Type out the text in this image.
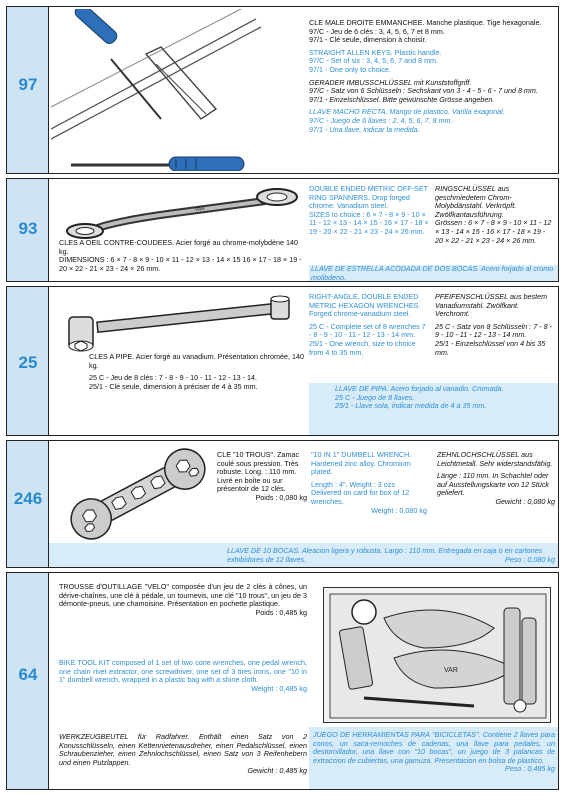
97

CLE MALE DROITE EMMANCHEE. Manche plastique. Tige hexagonale.
97/C - Jeu de 6 clés : 3, 4, 5, 6, 7 et 8 mm.
97/1 - Clé seule, dimension à choisir.

STRAIGHT ALLEN KEYS. Plastic handle.
97/C - Set of six : 3, 4, 5, 6, 7 and 8 mm.
97/1 - One only to choice.

GERADER IMBUSSCHLÜSSEL mit Kunststoffgriff.
97/C - Satz von 6 Schlüsseln : Sechskant von 3 - 4 - 5 - 6 - 7 und 8 mm.
97/1 - Einzelschlüssel. Bitte gewünschte Grösse angeben.

LLAVE MACHO RECTA. Mango de plastico. Varilla exagonal.
97/C - Juego de 6 llaves : 2, 4, 5, 6, 7, 8 mm.
97/1 - Una llave, indicar la medida.

93
VAR
CLES A OEIL CONTRE-COUDEES. Acier forgé au chrome-molybdène 140 kg.
DIMENSIONS : 6 × 7 - 8 × 9 - 10 × 11 - 12 × 13 - 14 × 15 16 × 17 - 18 × 19 - 20 × 22 - 21 × 23 - 24 × 26 mm.
DOUBLE ENDED METRIC OFF-SET RING SPANNERS. Drop forged chrome. Vanadium steel.
SIZES to choice : 6 × 7 - 8 × 9 - 10 × 11 - 12 × 13 - 14 × 15 - 16 × 17 - 18 × 19 - 20 × 22 - 21 × 23 - 24 × 26 mm.
RINGSCHLÜSSEL aus geschmiedetem Chrom-Molybdänstahl. Verkröpft. Zwölfkantausführung.
Grössen : 6 × 7 - 8 × 9 - 10 × 11 - 12 × 13 - 14 × 15 - 16 × 17 - 18 × 19 - 20 × 22 - 21 × 23 - 24 × 26 mm.
LLAVE DE ESTRELLA ACODADA DE DOS BOCAS. Acero forjado al cromo molibdeno.

25	CLES A PIPE. Acier forgé au vanadium. Présentation chromée, 140 kg.

25 C - Jeu de 8 clés : 7 - 8 - 9 - 10 - 11 - 12 - 13 - 14.
25/1 - Clé seule, dimension à préciser de 4 à 35 mm.

RIGHT-ANGLE, DOUBLE ENDED METRIC HEXAGON WRENCHES. Forged chrome-vanadium steel.

25 C - Complete set of 8 wrenches 7 - 8 - 9 - 10 - 11 - 12 - 13 - 14 mm.
25/1 - One wrench, size to choice from 4 to 35 mm.

PFEIFENSCHLÜSSEL aus bestem Vanadiumstahl. Zwölfkant. Verchromt.

25 C - Satz von 8 Schlüsseln : 7 - 8 - 9 - 10 - 11 - 12 - 13 - 14 mm.
25/1 - Einzelschlüssel von 4 bis 35 mm.

LLAVE DE PIPA. Acero forjado al vanadio. Cromada.
25 C - Juego de 8 llaves.
25/1 - Llave sola, indicar medida de 4 a 35 mm.
246
CLE "10 TROUS". Zamac coulé sous pression. Très robuste. Long. : 110 mm. Livré en boîte ou sur présentoir de 12 clés.

Poids : 0,080 kg

"10 IN 1" DUMBELL WRENCH. Hardened zinc alloy. Chromium plated.

Length : 4". Weight : 3 ozs Delivered on card for box of 12 wrenches.

Weight : 0,080 kg

ZEHNLOCHSCHLÜSSEL aus Leichtmetall. Sehr widerstandsfähig.

Länge : 110 mm. In Schachtel oder auf Ausstellungskarte von 12 Stück geliefert.

Gewicht : 0,080 kg

LLAVE DE 10 BOCAS. Aleacion ligera y robusta. Largo : 110 mm. Entregada en caja o en cartones exhibidores de 12 llaves.	Peso : 0,080 kg
64	VAR
TROUSSE d'OUTILLAGE "VELO" composée d'un jeu de 2 clés à cônes, un dérive-chaînes, une clé à pédale, un tournevis, une clé "10 trous", un jeu de 3 démonte-pneus, une chamoisine. Présentation en pochette plastique.
Poids : 0,485 kg
BIKE TOOL KIT composed of 1 set of two cone wrenches, one pedal wrench, one chain rivet extractor, one screwdriver, one set of 3 tires irons, one "10 in 1" dumbell wrench, wrapped in a plastic bag with a shine cloth.
Weight : 0,485 kg
WERKZEUGBEUTEL für Radfahrer. Enthält einen Satz von 2 Konusschlüsseln, einen Kettennietenausdreher, einen Pedalschlüssel, einen Schraubenzieher, einen Zehnlochschlüssel, einen Satz von 3 Reifenhebern und einen Putzlappen.
Gewicht : 0,485 kg
JUEGO DE HERRAMIENTAS PARA "BICICLETAS". Contiene 2 llaves para conos, un saca-remoches de cadenas, una llave para pedales, un destornillador, una llave con "10 bocas", un juego de 3 palancas de extraccion de cubiertas, una gamuza. Presentacion en bolsa de plastico.
Peso : 0,485 kg
